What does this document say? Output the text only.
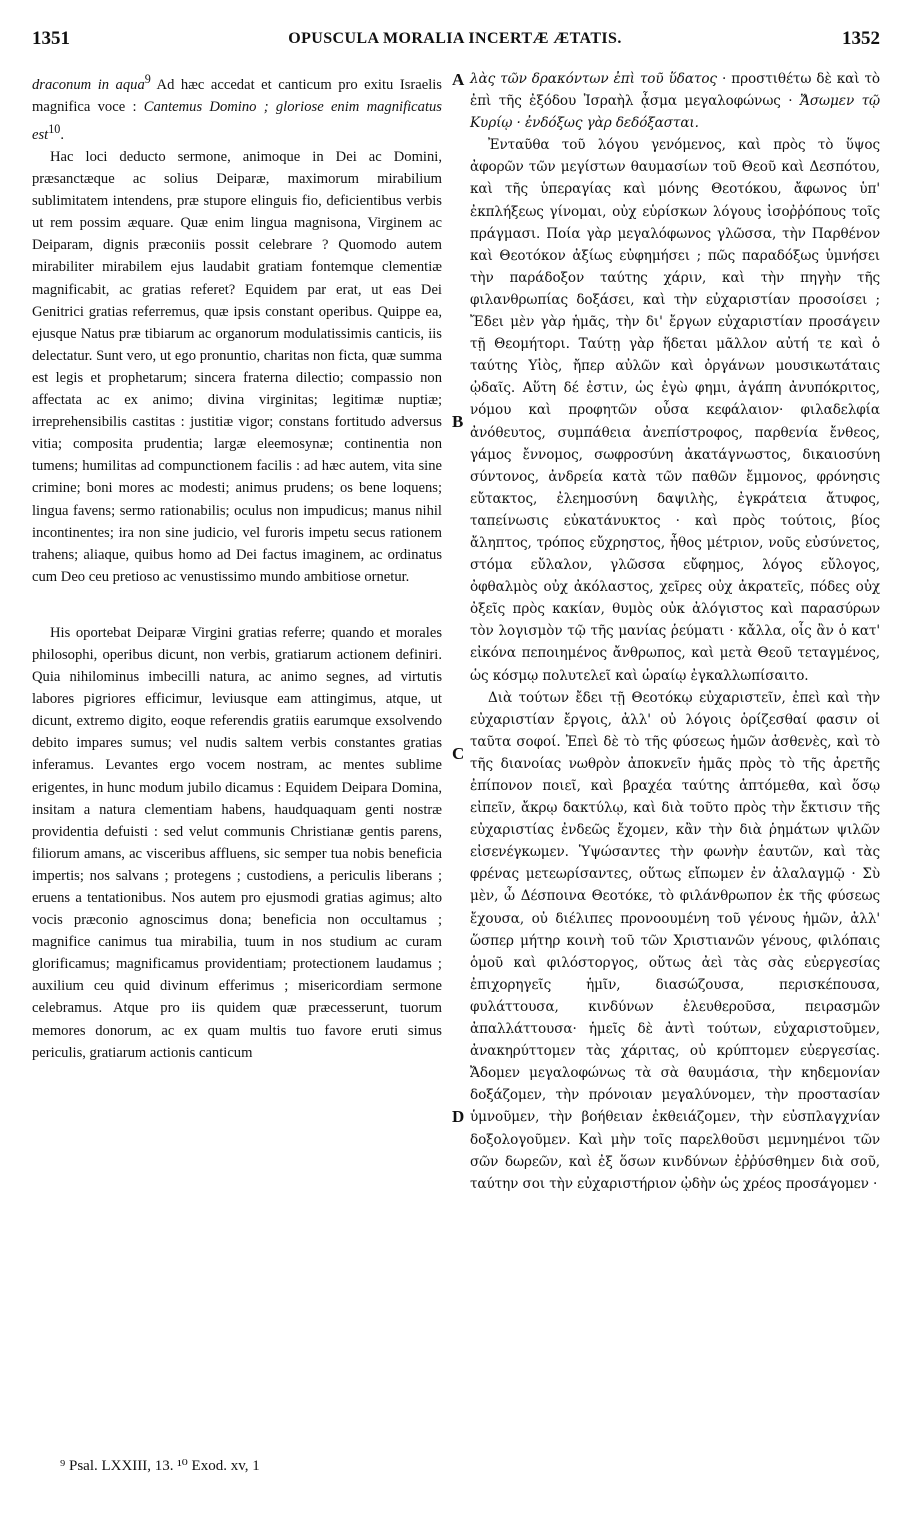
1351	OPUSCULA MORALIA INCERTÆ ÆTATIS.	1352
A
B
C
D

draconum in aqua$^9$ Ad hæc accedat et canticum pro exitu Israelis magnifica voce : Cantemus Domino ; gloriose enim magnificatus est$^{10}$.

Hac loci deducto sermone, animoque in Dei ac Domini, præsanctæque ac solius Deiparæ, maximorum mirabilium sublimitatem intendens, præ stupore elinguis fio, deficientibus verbis ut rem possim æquare. Quæ enim lingua magnisona, Virginem ac Deiparam, dignis præconiis possit celebrare ? Quomodo autem mirabiliter mirabilem ejus laudabit gratiam fontemque clementiæ magnificabit, ac gratias referet? Equidem par erat, ut eas Dei Genitrici gratias referremus, quæ ipsis constant operibus. Quippe ea, ejusque Natus præ tibiarum ac organorum modulatissimis canticis, iis delectatur. Sunt vero, ut ego pronuntio, charitas non ficta, quæ summa est legis et prophetarum; sincera fraterna dilectio; compassio non affectata ac ex animo; divina virginitas; legitimæ nuptiæ; irreprehensibilis castitas : justitiæ vigor; constans fortitudo adversus vitia; composita prudentia; largæ eleemosynæ; continentia non tumens; humilitas ad compunctionem facilis : ad hæc autem, vita sine crimine; boni mores ac modesti; animus prudens; os bene loquens; lingua favens; sermo rationabilis; oculus non impudicus; manus nihil incontinentes; ira non sine judicio, vel furoris impetu secus rationem trahens; aliaque, quibus homo ad Dei factus imaginem, ac ordinatus cum Deo ceu pretioso ac venustissimo mundo ambitiose ornetur.

His oportebat Deiparæ Virgini gratias referre; quando et morales philosophi, operibus dicunt, non verbis, gratiarum actionem definiri. Quia nihilominus imbecilli natura, ac animo segnes, ad virtutis labores pigriores efficimur, leviusque eam attingimus, atque, ut dicunt, extremo digito, eoque referendis gratiis earumque exsolvendo debito impares sumus; vel nudis saltem verbis constantes gratias inferamus. Levantes ergo vocem nostram, ac mentes sublime erigentes, in hunc modum jubilo dicamus : Equidem Deipara Domina, insitam a natura clementiam habens, haudquaquam genti nostræ providentia defuisti : sed velut communis Christianæ gentis parens, filiorum amans, ac visceribus affluens, sic semper tua nobis beneficia impertis; nos salvans ; protegens ; custodiens, a periculis liberans ; eruens a tentationibus. Nos autem pro ejusmodi gratias agimus; alto vocis præconio agnoscimus dona; beneficia non occultamus ; magnifice canimus tua mirabilia, tuum in nos studium ac curam glorificamus; magnificamus providentiam; protectionem laudamus ; auxilium ceu quid divinum efferimus ; misericordiam sermone celebramus. Atque pro iis quidem quæ præcesserunt, tuorum memores donorum, ac ex quam multis tuo favore eruti simus periculis, gratiarum actionis canticum

λὰς τῶν δρακόντων ἐπὶ τοῦ ὕδατος · προστιθέτω δὲ καὶ τὸ ἐπὶ τῆς ἐξόδου Ἰσραὴλ ᾆσμα μεγαλοφώνως · Ἄσωμεν τῷ Κυρίῳ · ἐνδόξως γὰρ δεδόξασται.

Ἐνταῦθα τοῦ λόγου γενόμενος, καὶ πρὸς τὸ ὕψος ἀφορῶν τῶν μεγίστων θαυμασίων τοῦ Θεοῦ καὶ Δεσπότου, καὶ τῆς ὑπεραγίας καὶ μόνης Θεοτόκου, ἄφωνος ὑπ' ἐκπλήξεως γίνομαι, οὐχ εὑρίσκων λόγους ἰσοῤῥόπους τοῖς πράγμασι. Ποία γὰρ μεγαλόφωνος γλῶσσα, τὴν Παρθένον καὶ Θεοτόκον ἀξίως εὐφημήσει ; πῶς παραδόξως ὑμνήσει τὴν παράδοξον ταύτης χάριν, καὶ τὴν πηγὴν τῆς φιλανθρωπίας δοξάσει, καὶ τὴν εὐχαριστίαν προσοίσει ; Ἔδει μὲν γὰρ ἡμᾶς, τὴν δι' ἔργων εὐχαριστίαν προσάγειν τῇ Θεομήτορι. Ταύτῃ γὰρ ἥδεται μᾶλλον αὐτή τε καὶ ὁ ταύτης Υἱὸς, ἤπερ αὐλῶν καὶ ὀργάνων μουσικωτάταις ᾠδαῖς. Αὕτη δέ ἐστιν, ὡς ἐγὼ φημι, ἀγάπη ἀνυπόκριτος, νόμου καὶ προφητῶν οὖσα κεφάλαιον· φιλαδελφία ἀνόθευτος, συμπάθεια ἀνεπίστροφος, παρθενία ἔνθεος, γάμος ἔννομος, σωφροσύνη ἀκατάγνωστος, δικαιοσύνη σύντονος, ἀνδρεία κατὰ τῶν παθῶν ἔμμονος, φρόνησις εὔτακτος, ἐλεημοσύνη δαψιλὴς, ἐγκράτεια ἄτυφος, ταπείνωσις εὐκατάνυκτος · καὶ πρὸς τούτοις, βίος ἄληπτος, τρόπος εὔχρηστος, ἦθος μέτριον, νοῦς εὐσύνετος, στόμα εὔλαλον, γλῶσσα εὔφημος, λόγος εὔλογος, ὀφθαλμὸς οὐχ ἀκόλαστος, χεῖρες οὐχ ἀκρατεῖς, πόδες οὐχ ὀξεῖς πρὸς κακίαν, θυμὸς οὐκ ἀλόγιστος καὶ παρασύρων τὸν λογισμὸν τῷ τῆς μανίας ῥεύματι · κἄλλα, οἷς ἂν ὁ κατ' εἰκόνα πεποιημένος ἄνθρωπος, καὶ μετὰ Θεοῦ τεταγμένος, ὡς κόσμῳ πολυτελεῖ καὶ ὡραίῳ ἐγκαλλωπίσαιτο.

Διὰ τούτων ἔδει τῇ Θεοτόκῳ εὐχαριστεῖν, ἐπεὶ καὶ τὴν εὐχαριστίαν ἔργοις, ἀλλ' οὐ λόγοις ὁρίζεσθαί φασιν οἱ ταῦτα σοφοί. Ἐπεὶ δὲ τὸ τῆς φύσεως ἡμῶν ἀσθενὲς, καὶ τὸ τῆς διανοίας νωθρὸν ἀποκνεῖν ἡμᾶς πρὸς τὸ τῆς ἀρετῆς ἐπίπονον ποιεῖ, καὶ βραχέα ταύτης ἁπτόμεθα, καὶ ὅσῳ εἰπεῖν, ἄκρῳ δακτύλῳ, καὶ διὰ τοῦτο πρὸς τὴν ἔκτισιν τῆς εὐχαριστίας ἐνδεῶς ἔχομεν, κἂν τὴν διὰ ῥημάτων ψιλῶν εἰσενέγκωμεν. Ὑψώσαντες τὴν φωνὴν ἑαυτῶν, καὶ τὰς φρένας μετεωρίσαντες, οὕτως εἴπωμεν ἐν ἀλαλαγμῷ · Σὺ μὲν, ὦ Δέσποινα Θεοτόκε, τὸ φιλάνθρωπον ἐκ τῆς φύσεως ἔχουσα, οὐ διέλιπες προνοουμένη τοῦ γένους ἡμῶν, ἀλλ' ὥσπερ μήτηρ κοινὴ τοῦ τῶν Χριστιανῶν γένους, φιλόπαις ὁμοῦ καὶ φιλόστοργος, οὕτως ἀεὶ τὰς σὰς εὐεργεσίας ἐπιχορηγεῖς ἡμῖν, διασώζουσα, περισκέπουσα, φυλάττουσα, κινδύνων ἐλευθεροῦσα, πειρασμῶν ἀπαλλάττουσα· ἡμεῖς δὲ ἀντὶ τούτων, εὐχαριστοῦμεν, ἀνακηρύττομεν τὰς χάριτας, οὐ κρύπτομεν εὐεργεσίας. Ἄδομεν μεγαλοφώνως τὰ σὰ θαυμάσια, τὴν κηδεμονίαν δοξάζομεν, τὴν πρόνοιαν μεγαλύνομεν, τὴν προστασίαν ὑμνοῦμεν, τὴν βοήθειαν ἐκθειάζομεν, τὴν εὐσπλαγχνίαν δοξολογοῦμεν. Καὶ μὴν τοῖς παρελθοῦσι μεμνημένοι τῶν σῶν δωρεῶν, καὶ ἐξ ὅσων κινδύνων ἐῤῥύσθημεν διὰ σοῦ, ταύτην σοι τὴν εὐχαριστήριον ᾠδὴν ὡς χρέος προσάγομεν ·

⁹ Psal. LXXIII, 13. ¹⁰ Exod. xv, 1
